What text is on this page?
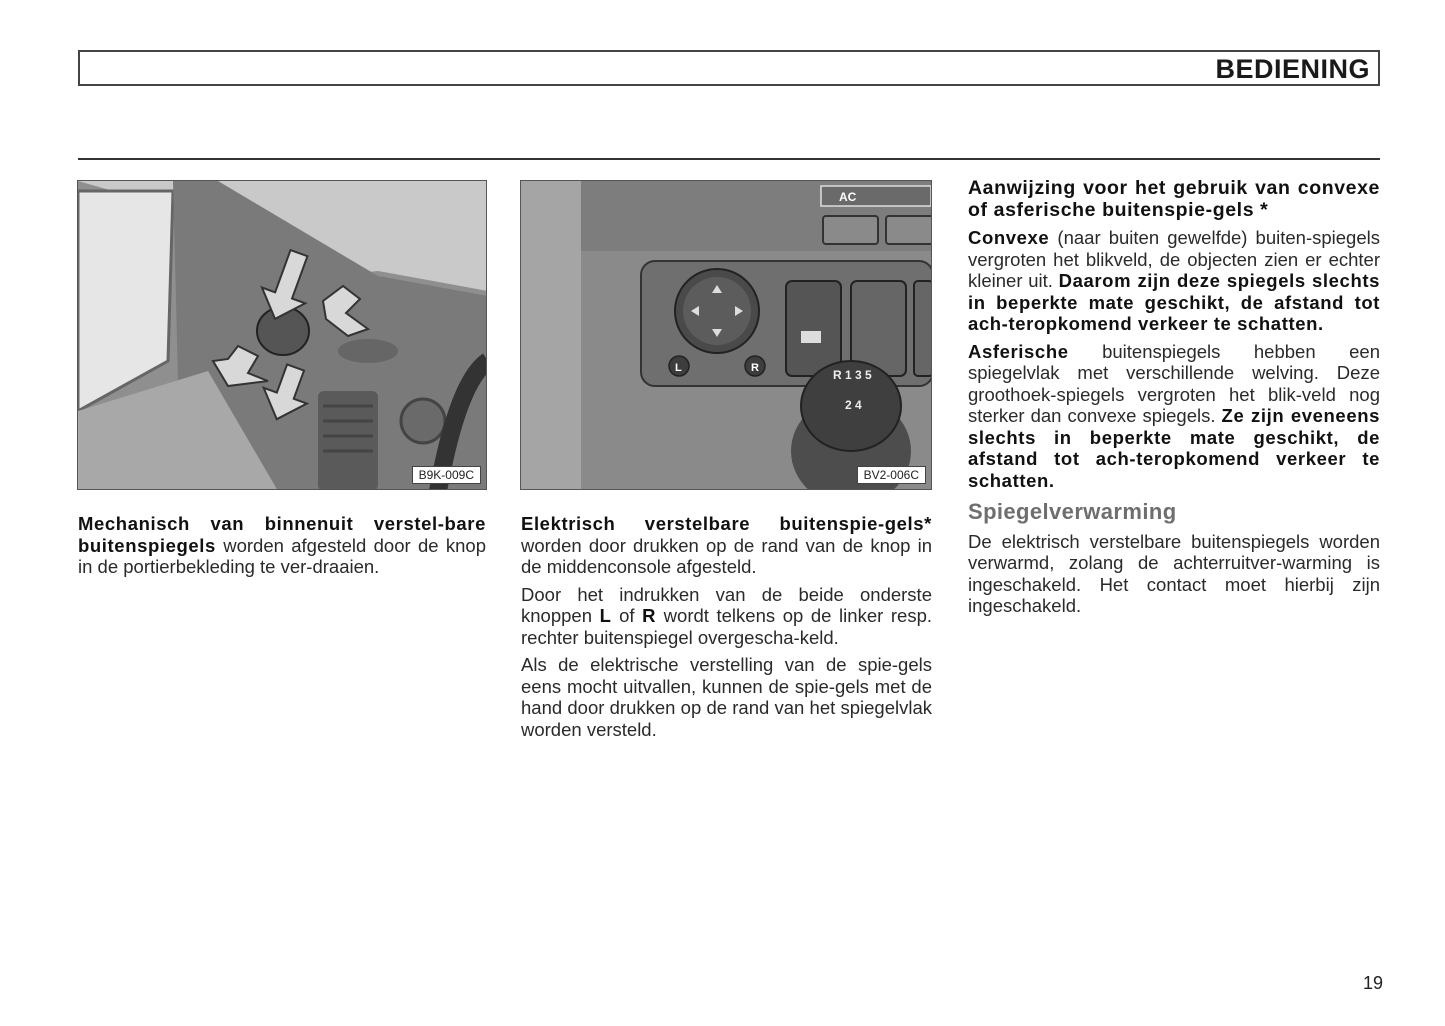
BEDIENING
B9K-009C
AC
L	R	R 1 3 5
2 4
BV2-006C

Mechanisch van binnenuit verstel-bare buitenspiegels worden afgesteld door de knop in de portierbekleding te ver-draaien.

Elektrisch verstelbare buitenspie-gels* worden door drukken op de rand van de knop in de middenconsole afgesteld.

Door het indrukken van de beide onderste knoppen L of R wordt telkens op de linker resp. rechter buitenspiegel overgescha-keld.

Als de elektrische verstelling van de spie-gels eens mocht uitvallen, kunnen de spie-gels met de hand door drukken op de rand van het spiegelvlak worden versteld.

Aanwijzing voor het gebruik van convexe of asferische buitenspie-gels *

Convexe (naar buiten gewelfde) buiten-spiegels vergroten het blikveld, de objecten zien er echter kleiner uit. Daarom zijn deze spiegels slechts in beperkte mate geschikt, de afstand tot ach-teropkomend verkeer te schatten.

Asferische buitenspiegels hebben een spiegelvlak met verschillende welving. Deze groothoek-spiegels vergroten het blik-veld nog sterker dan convexe spiegels. Ze zijn eveneens slechts in beperkte mate geschikt, de afstand tot ach-teropkomend verkeer te schatten.

Spiegelverwarming

De elektrisch verstelbare buitenspiegels worden verwarmd, zolang de achterruitver-warming is ingeschakeld. Het contact moet hierbij zijn ingeschakeld.

19
